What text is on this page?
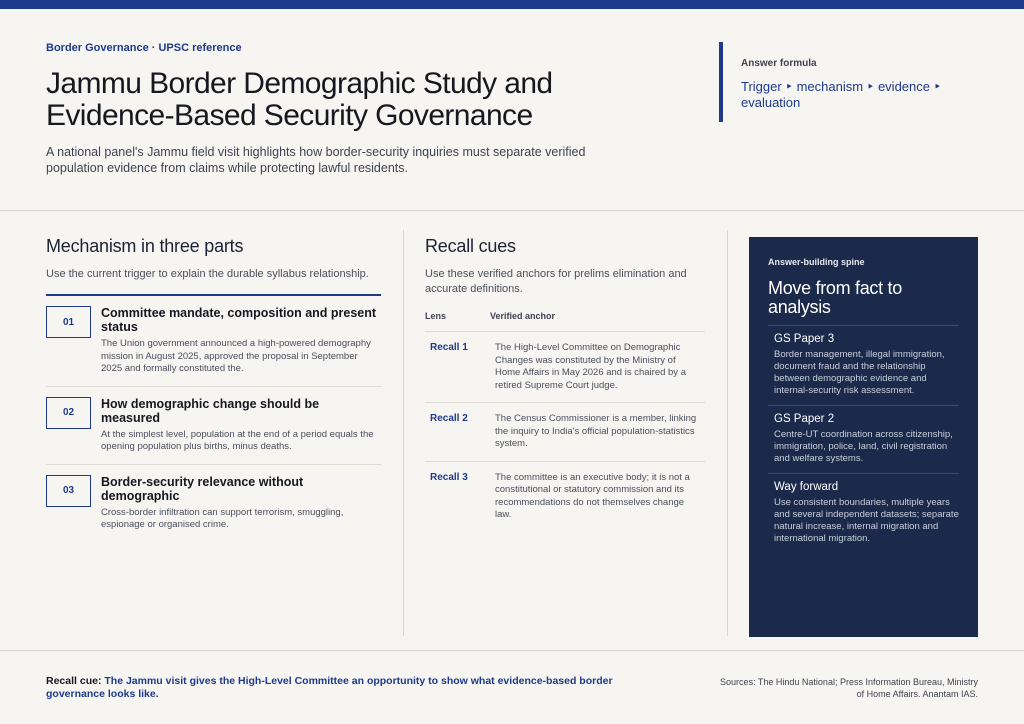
Border Governance · UPSC reference
Jammu Border Demographic Study and Evidence-Based Security Governance

A national panel's Jammu field visit highlights how border-security inquiries must separate verified population evidence from claims while protecting lawful residents.

Answer formula
Trigger ‣ mechanism ‣ evidence ‣ evaluation
Mechanism in three parts

Use the current trigger to explain the durable syllabus relationship.

01
Committee mandate, composition and present status
The Union government announced a high-powered demography mission in August 2025, approved the proposal in September 2025 and formally constituted the.
02
How demographic change should be measured
At the simplest level, population at the end of a period equals the opening population plus births, minus deaths.
03
Border-security relevance without demographic
Cross-border infiltration can support terrorism, smuggling, espionage or organised crime.
Recall cues

Use these verified anchors for prelims elimination and accurate definitions.

Lens	Verified anchor
Recall 1	The High-Level Committee on Demographic Changes was constituted by the Ministry of Home Affairs in May 2026 and is chaired by a retired Supreme Court judge.
Recall 2	The Census Commissioner is a member, linking the inquiry to India's official population-statistics system.
Recall 3	The committee is an executive body; it is not a constitutional or statutory commission and its recommendations do not themselves change law.
Answer-building spine
Move from fact to analysis
GS Paper 3
Border management, illegal immigration, document fraud and the relationship between demographic evidence and internal-security risk assessment.
GS Paper 2
Centre-UT coordination across citizenship, immigration, police, land, civil registration and welfare systems.
Way forward
Use consistent boundaries, multiple years and several independent datasets; separate natural increase, internal migration and international migration.
Recall cue: The Jammu visit gives the High-Level Committee an opportunity to show what evidence-based border governance looks like.
Sources: The Hindu National; Press Information Bureau, Ministry of Home Affairs. Anantam IAS.
